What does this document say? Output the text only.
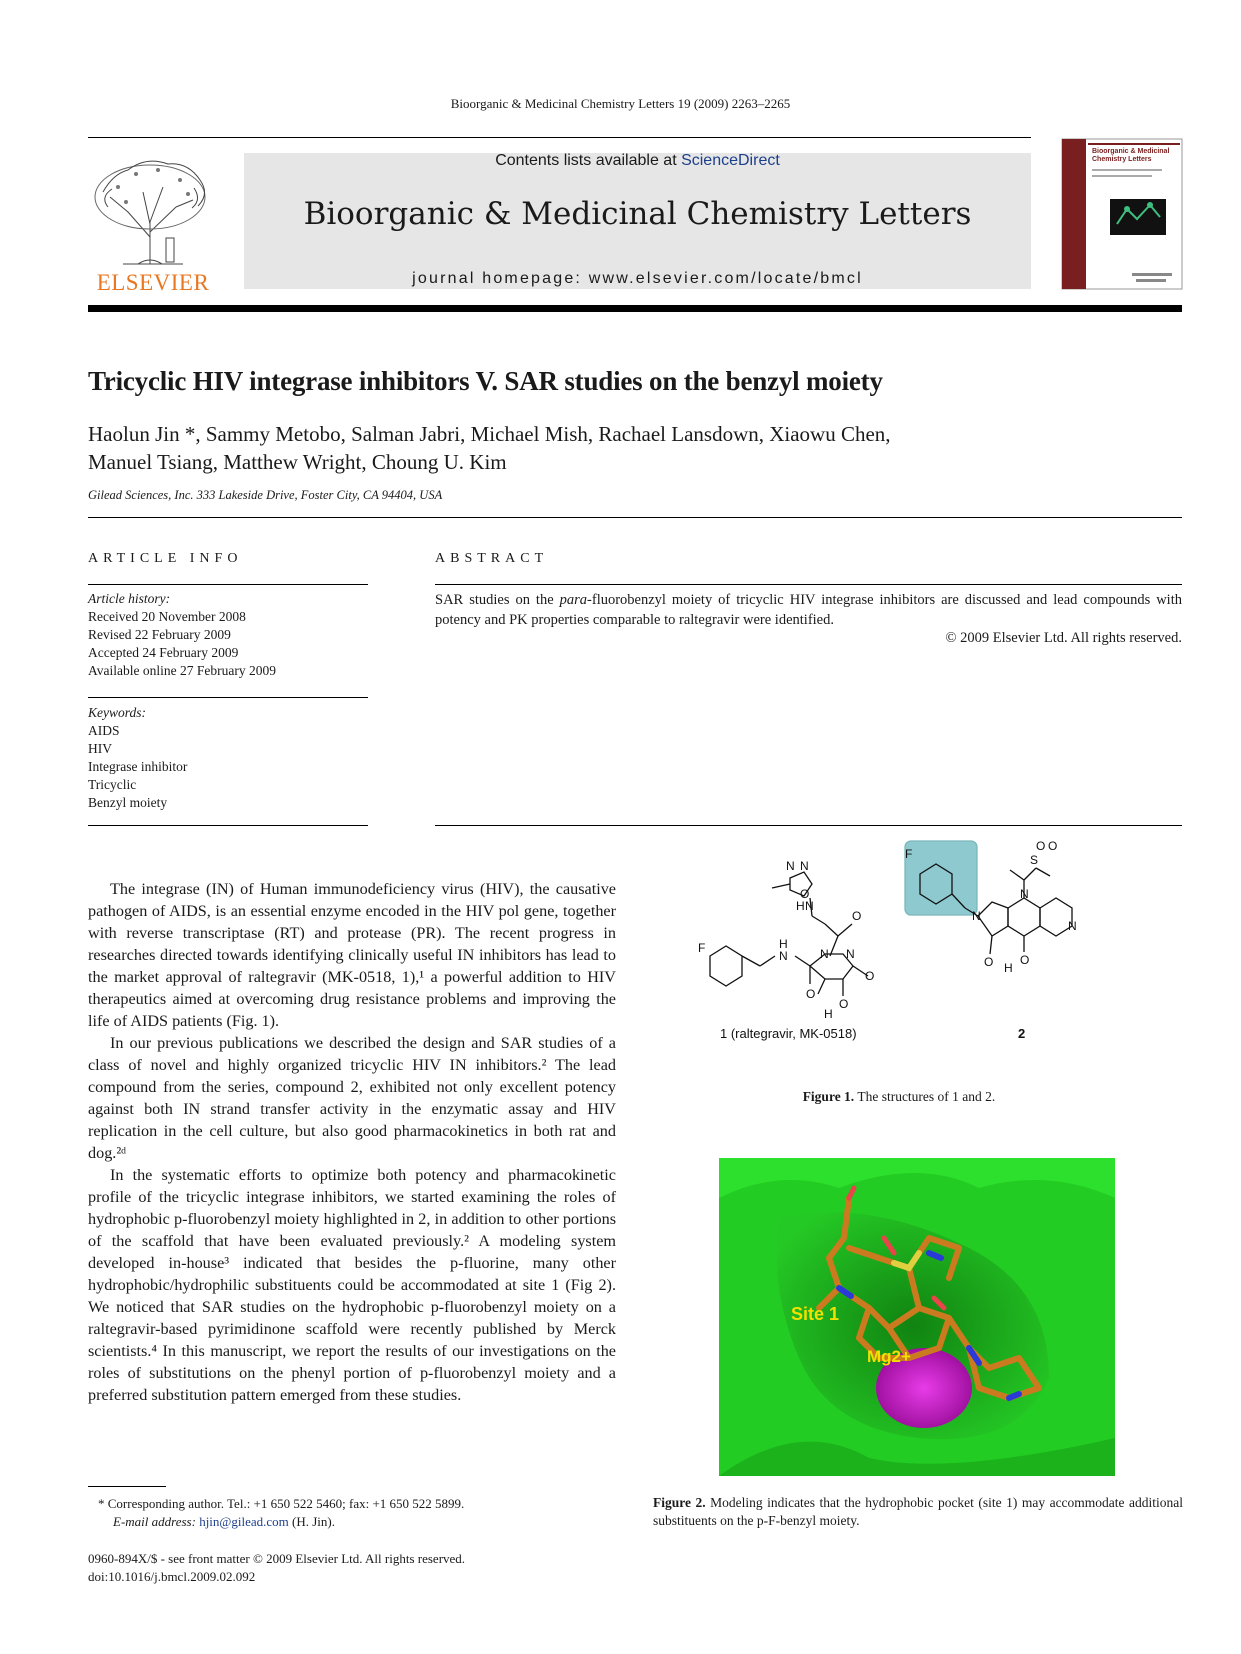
Bioorganic & Medicinal Chemistry Letters 19 (2009) 2263–2265
ELSEVIER
Contents lists available at ScienceDirect
Bioorganic & Medicinal Chemistry Letters
journal homepage: www.elsevier.com/locate/bmcl
Bioorganic & Medicinal Chemistry Letters
Tricyclic HIV integrase inhibitors V. SAR studies on the benzyl moiety
Haolun Jin *, Sammy Metobo, Salman Jabri, Michael Mish, Rachael Lansdown, Xiaowu Chen,
Manuel Tsiang, Matthew Wright, Choung U. Kim
Gilead Sciences, Inc. 333 Lakeside Drive, Foster City, CA 94404, USA
ARTICLE INFO
Article history:
Received 20 November 2008
Revised 22 February 2009
Accepted 24 February 2009
Available online 27 February 2009
Keywords:
AIDS
HIV
Integrase inhibitor
Tricyclic
Benzyl moiety
ABSTRACT
SAR studies on the para-fluorobenzyl moiety of tricyclic HIV integrase inhibitors are discussed and lead compounds with potency and PK properties comparable to raltegravir were identified.
© 2009 Elsevier Ltd. All rights reserved.

The integrase (IN) of Human immunodeficiency virus (HIV), the causative pathogen of AIDS, is an essential enzyme encoded in the HIV pol gene, together with reverse transcriptase (RT) and protease (PR). The recent progress in researches directed towards identifying clinically useful IN inhibitors has lead to the market approval of raltegravir (MK-0518, 1),¹ a powerful addition to HIV therapeutics aimed at overcoming drug resistance problems and improving the life of AIDS patients (Fig. 1).

In our previous publications we described the design and SAR studies of a class of novel and highly organized tricyclic HIV IN inhibitors.² The lead compound from the series, compound 2, exhibited not only excellent potency against both IN strand transfer activity in the enzymatic assay and HIV replication in the cell culture, but also good pharmacokinetics in both rat and dog.²ᵈ

In the systematic efforts to optimize both potency and pharmacokinetic profile of the tricyclic integrase inhibitors, we started examining the roles of hydrophobic p-fluorobenzyl moiety highlighted in 2, in addition to other portions of the scaffold that have been evaluated previously.² A modeling system developed in-house³ indicated that besides the p-fluorine, many other hydrophobic/hydrophilic substituents could be accommodated at site 1 (Fig 2). We noticed that SAR studies on the hydrophobic p-fluorobenzyl moiety on a raltegravir-based pyrimidinone scaffold were recently published by Merck scientists.⁴ In this manuscript, we report the results of our investigations on the roles of substitutions on the phenyl portion of p-fluorobenzyl moiety and a preferred substitution pattern emerged from these studies.

* Corresponding author. Tel.: +1 650 522 5460; fax: +1 650 522 5899.
E-mail address: hjin@gilead.com (H. Jin).
0960-894X/$ - see front matter © 2009 Elsevier Ltd. All rights reserved.
doi:10.1016/j.bmcl.2009.02.092
F
N
H
O
N N
O
O
H
N
H
O
N N
O
F
N
O O
H
N
N
S
O O
1 (raltegravir, MK-0518)	2
Figure 1. The structures of 1 and 2.
Site 1
Mg2+
Figure 2. Modeling indicates that the hydrophobic pocket (site 1) may accommodate additional substituents on the p-F-benzyl moiety.
